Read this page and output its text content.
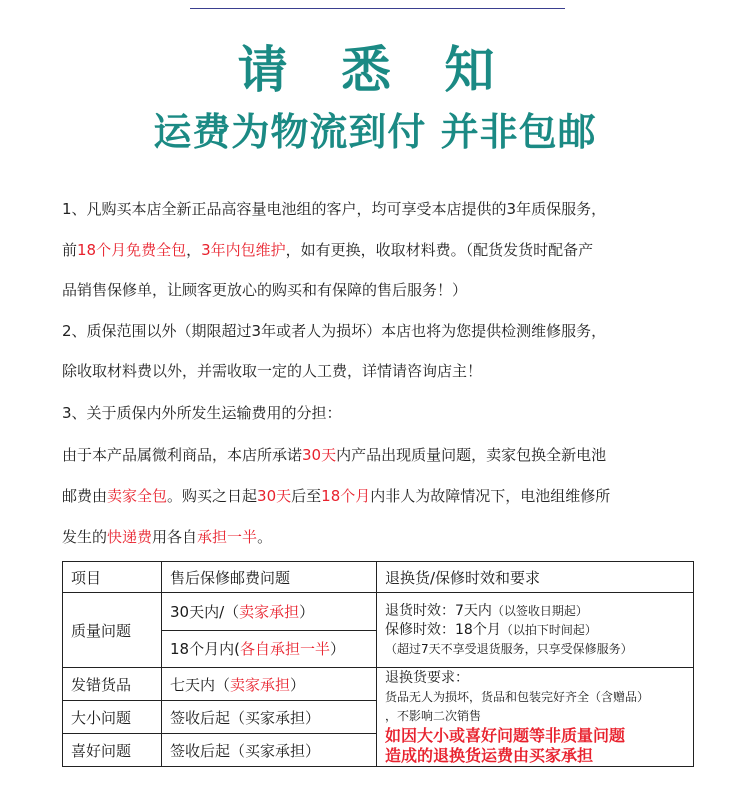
请 悉 知
运费为物流到付 并非包邮
1、凡购买本店全新正品高容量电池组的客户，均可享受本店提供的3年质保服务，
前18个月免费全包，3年内包维护，如有更换，收取材料费。（配货发货时配备产
品销售保修单，让顾客更放心的购买和有保障的售后服务！）
2、质保范围以外（期限超过3年或者人为损坏）本店也将为您提供检测维修服务，
除收取材料费以外，并需收取一定的人工费，详情请咨询店主！
3、关于质保内外所发生运输费用的分担：
由于本产品属微利商品，本店所承诺30天内产品出现质量问题，卖家包换全新电池
邮费由卖家全包。购买之日起30天后至18个月内非人为故障情况下，电池组维修所
发生的快递费用各自承担一半。
项目	售后保修邮费问题	退换货/保修时效和要求
质量问题	30天内/（卖家承担）	退货时效：7天内（以签收日期起）
保修时效：18个月（以拍下时间起）
（超过7天不享受退货服务，只享受保修服务）

	18个月内(各自承担一半）	
发错货品	七天内（卖家承担）	退换货要求：
货品无人为损坏，货品和包装完好齐全（含赠品）
，不影响二次销售
如因大小或喜好问题等非质量问题
造成的退换货运费由买家承担

大小问题	签收后起（买家承担）	
喜好问题	签收后起（买家承担）	
